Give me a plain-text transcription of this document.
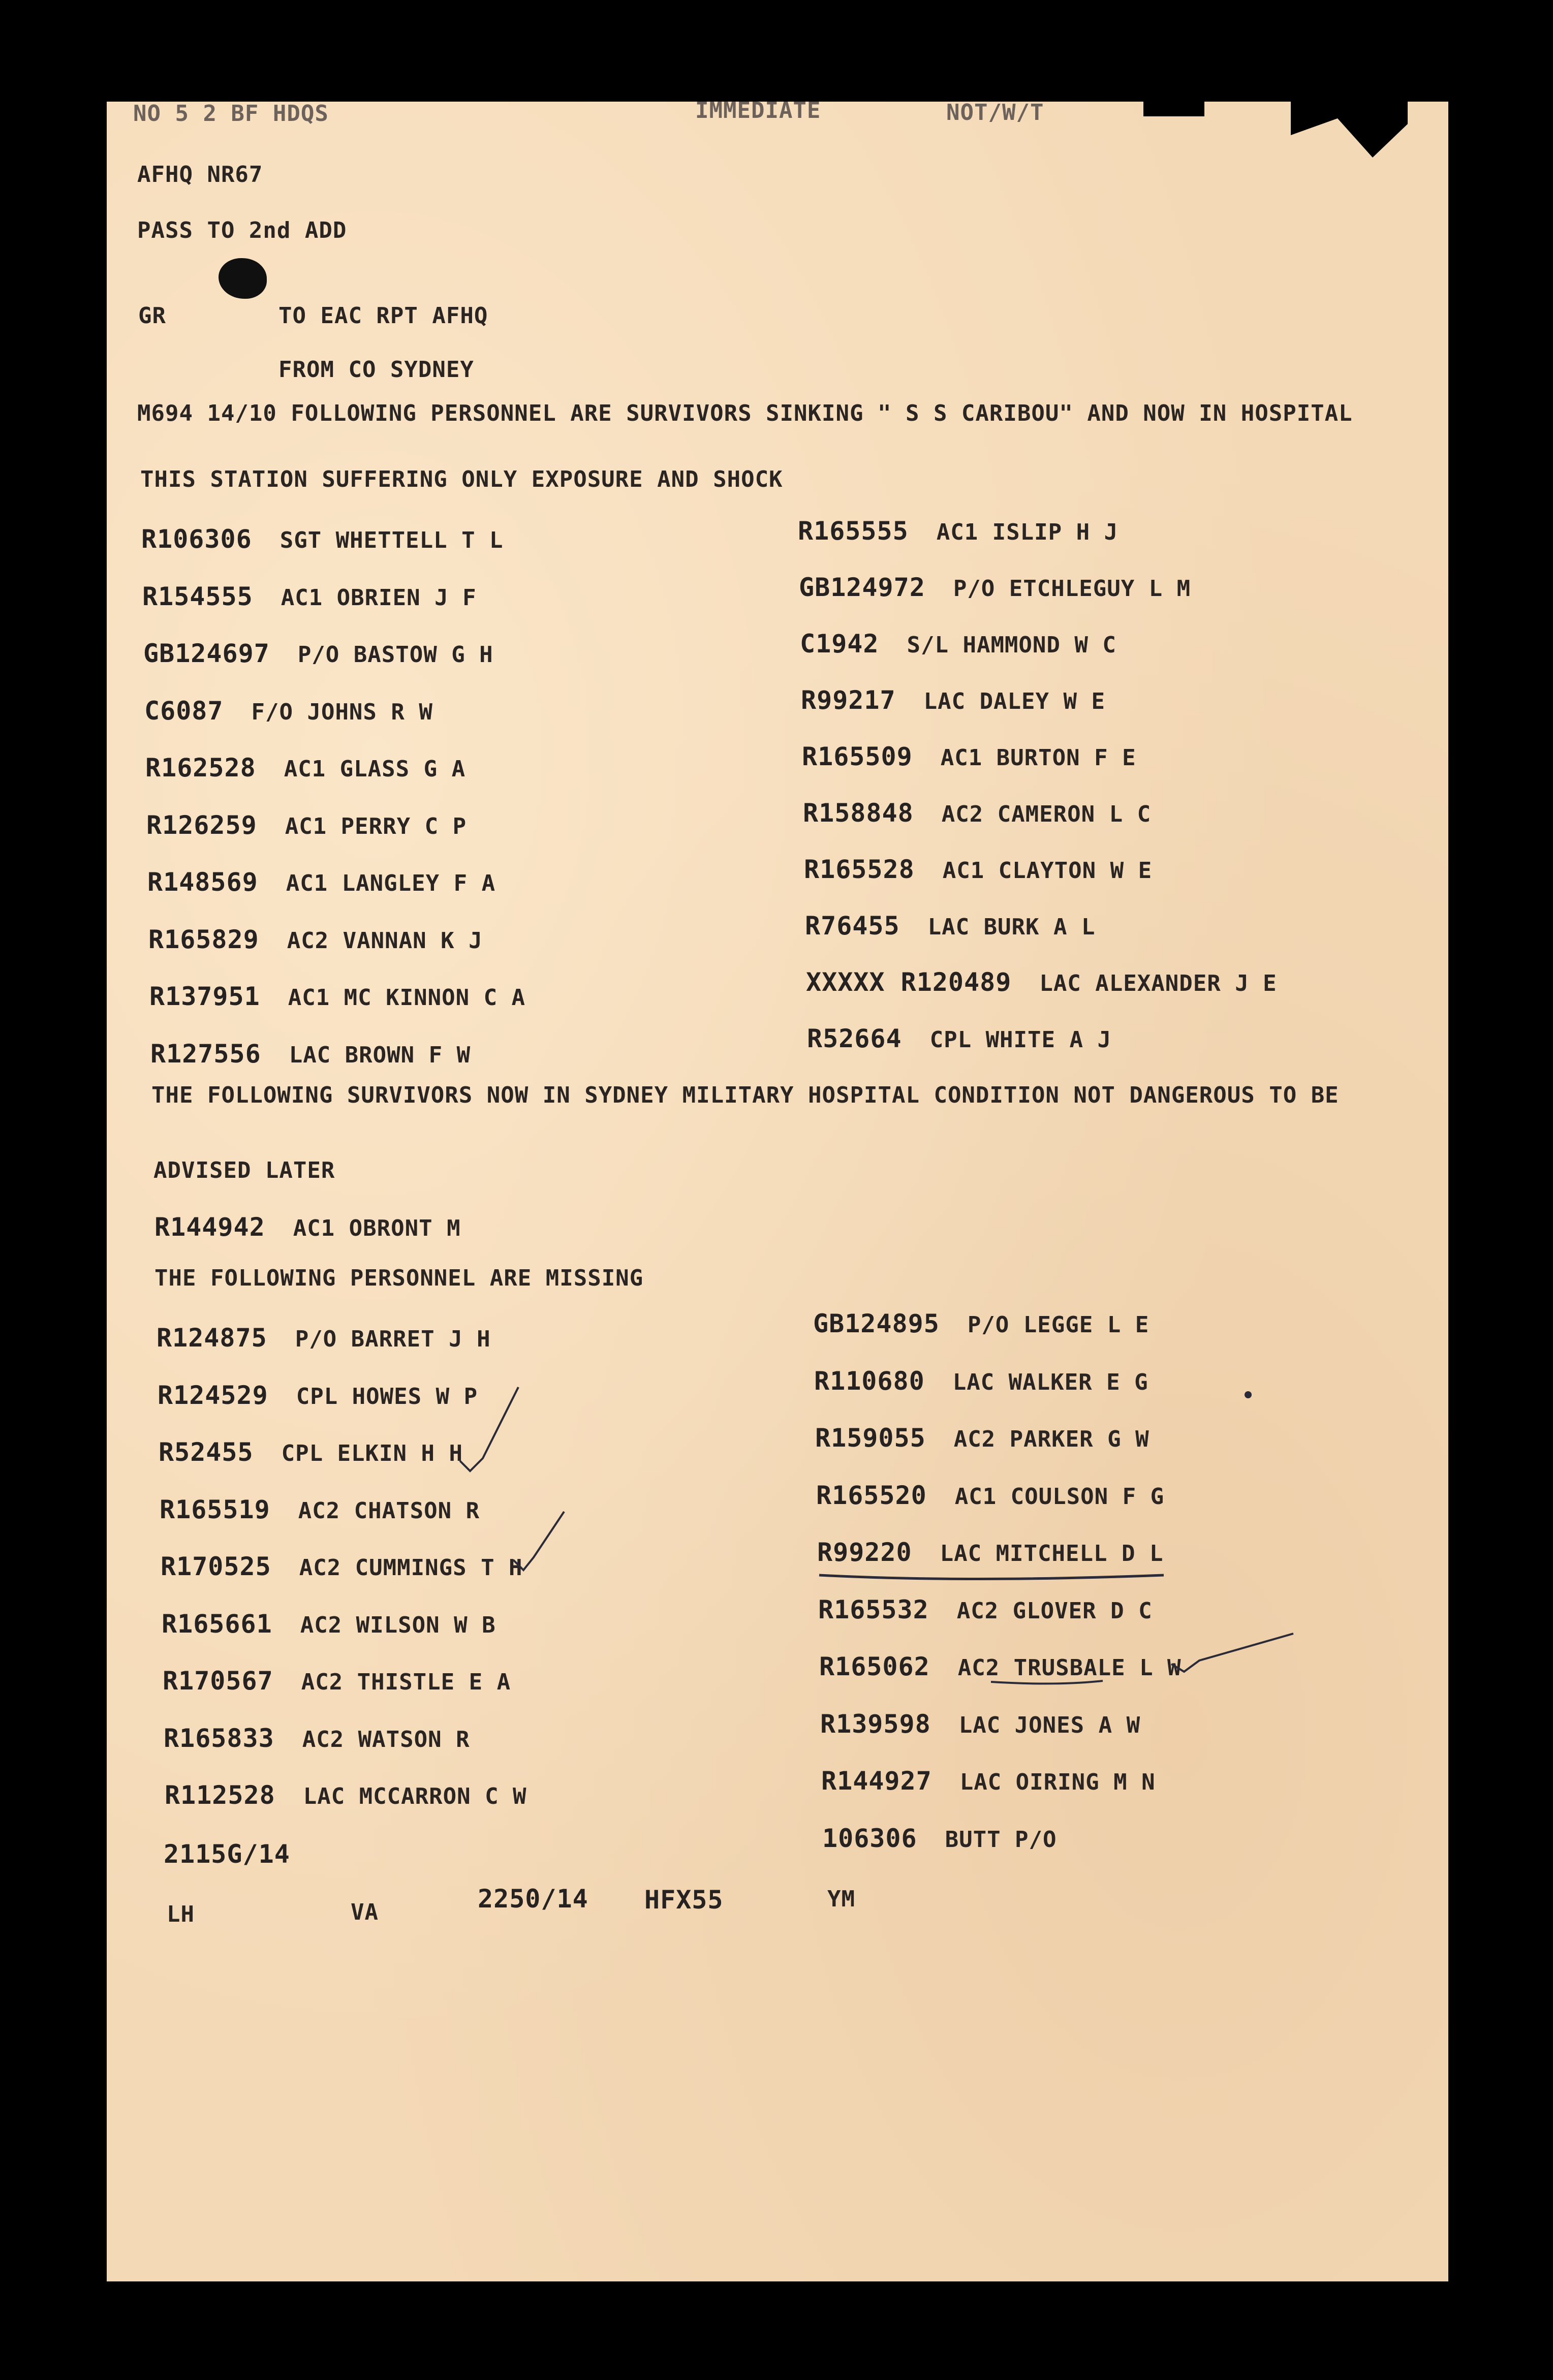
NO 5 2 BF HDQS	IMMEDIATE	NOT/W/T
AFHQ NR67
PASS TO 2nd ADD
GR	TO EAC RPT AFHQ
FROM CO SYDNEY
M694 14/10 FOLLOWING PERSONNEL ARE SURVIVORS SINKING " S S CARIBOU" AND NOW IN HOSPITAL
THIS STATION SUFFERING ONLY EXPOSURE AND SHOCK
R106306 SGT WHETTELL T L
R154555 AC1 OBRIEN J F
GB124697 P/O BASTOW G H
C6087 F/O JOHNS R W
R162528 AC1 GLASS G A
R126259 AC1 PERRY C P
R148569 AC1 LANGLEY F A
R165829 AC2 VANNAN K J
R137951 AC1 MC KINNON C A
R127556 LAC BROWN F W
R165555 AC1 ISLIP H J
GB124972 P/O ETCHLEGUY L M
C1942 S/L HAMMOND W C
R99217 LAC DALEY W E
R165509 AC1 BURTON F E
R158848 AC2 CAMERON L C
R165528 AC1 CLAYTON W E
R76455 LAC BURK A L
XXXXX R120489 LAC ALEXANDER J E
R52664 CPL WHITE A J
THE FOLLOWING SURVIVORS NOW IN SYDNEY MILITARY HOSPITAL CONDITION NOT DANGEROUS TO BE
ADVISED LATER
R144942 AC1 OBRONT M
THE FOLLOWING PERSONNEL ARE MISSING
R124875 P/O BARRET J H
R124529 CPL HOWES W P
R52455 CPL ELKIN H H
R165519 AC2 CHATSON R
R170525 AC2 CUMMINGS T H
R165661 AC2 WILSON W B
R170567 AC2 THISTLE E A
R165833 AC2 WATSON R
R112528 LAC MCCARRON C W
GB124895 P/O LEGGE L E
R110680 LAC WALKER E G
R159055 AC2 PARKER G W
R165520 AC1 COULSON F G
R99220 LAC MITCHELL D L
R165532 AC2 GLOVER D C
R165062 AC2 TRUSBALE L W
R139598 LAC JONES A W
R144927 LAC OIRING M N
106306 BUTT P/O
2115G/14
LH	VA	2250/14 HFX55	YM
